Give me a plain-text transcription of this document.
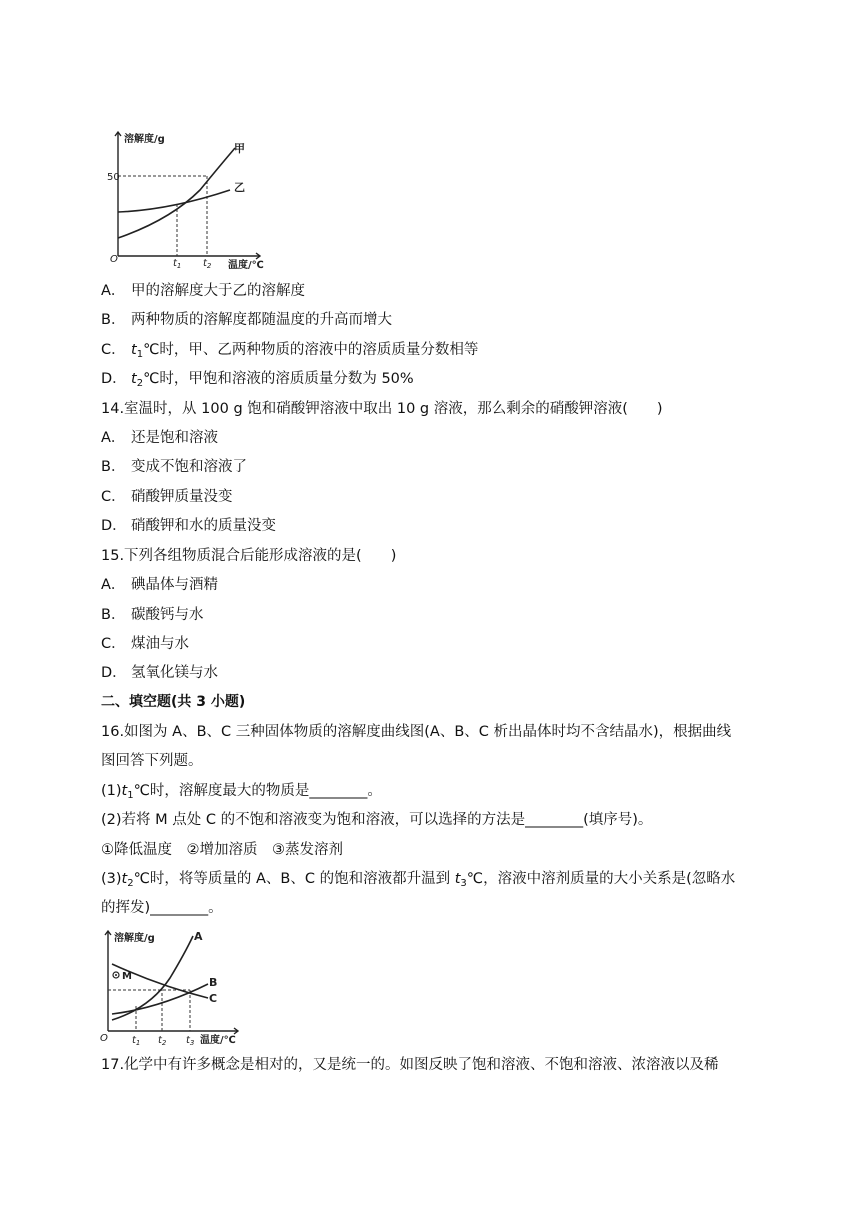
溶解度/g
50
O	$t_1$ $t_2$ 温度/℃
甲
乙
A． 甲的溶解度大于乙的溶解度
B． 两种物质的溶解度都随温度的升高而增大
C． $t_1℃$时，甲、乙两种物质的溶液中的溶质质量分数相等
D． $t_2℃$时，甲饱和溶液的溶质质量分数为 50%
14.室温时，从 100 g 饱和硝酸钾溶液中取出 10 g 溶液，那么剩余的硝酸钾溶液(　　)
A． 还是饱和溶液
B． 变成不饱和溶液了
C． 硝酸钾质量没变
D． 硝酸钾和水的质量没变
15.下列各组物质混合后能形成溶液的是(　　)
A． 碘晶体与酒精
B． 碳酸钙与水
C． 煤油与水
D． 氢氧化镁与水
二、填空题(共 3 小题)
16.如图为 A、B、C 三种固体物质的溶解度曲线图(A、B、C 析出晶体时均不含结晶水)，根据曲线
图回答下列题。
$(1)t_1℃$时，溶解度最大的物质是________。
(2)若将 M 点处 C 的不饱和溶液变为饱和溶液，可以选择的方法是________(填序号)。
①降低温度　②增加溶质　③蒸发溶剂
$(3)t_2℃$时，将等质量的 A、B、C 的饱和溶液都升温到 $t_3℃$，溶液中溶剂质量的大小关系是(忽略水
的挥发)________。
M
溶解度/g
O $t_1$ $t_2$ $t_3$ 温度/℃
A
B
C
17.化学中有许多概念是相对的，又是统一的。如图反映了饱和溶液、不饱和溶液、浓溶液以及稀
